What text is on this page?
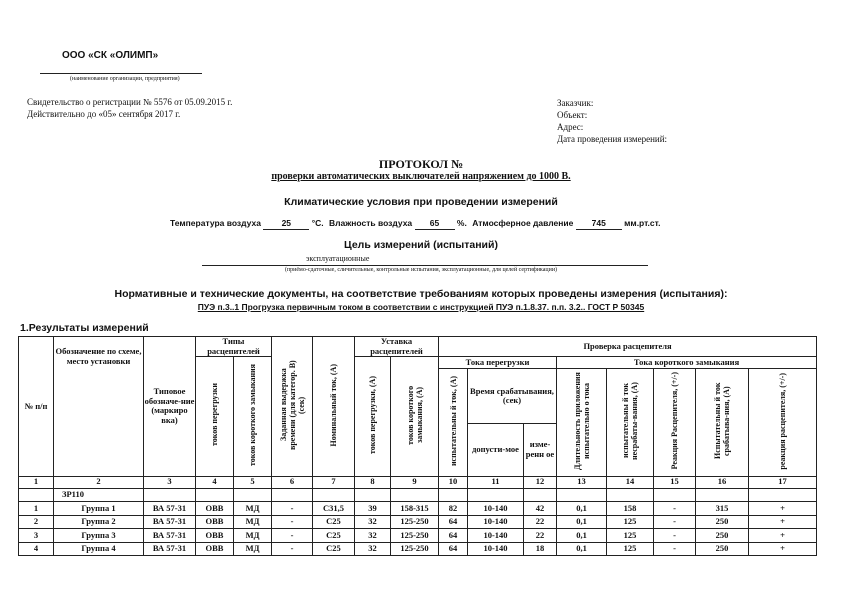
ООО «СК «ОЛИМП»
(наименование организации, предприятия)
Свидетельство о регистрации № 5576 от 05.09.2015 г.
Действительно до «05» сентября 2017 г.
Заказчик:
Объект:
Адрес:
Дата проведения измерений:
ПРОТОКОЛ №
проверки автоматических выключателей напряжением до 1000 В.
Климатические условия при проведении измерений
Температура воздуха 25 °С. Влажность воздуха 65 %. Атмосферное давление 745 мм.рт.ст.
Цель измерений (испытаний)
эксплуатационные
(приёмо-сдаточные, сличительные, контрольные испытания, эксплуатационные, для целей сертификации)
Нормативные и технические документы, на соответствие требованиям которых проведены измерения (испытания):
ПУЭ п.3..1 Прогрузка первичным током в соответствии с инструкцией ПУЭ п.1.8.37. п.п. 3.2.. ГОСТ Р 50345
1.Результаты измерений
№ п/п	Обозначение по схеме, место установки	Типовое обозначе-ние (маркиро вка)	Типы расцепителей		Заданная выдержка времени (для категор. В) (сек)	Номинальный ток, (А)	Уставка расцепителей		Проверка расцепителя							
			токов перегрузки	токов короткого замыкания			токов перегрузки, (А)	токов короткого замыкания, (А)	Тока перегрузки			Тока короткого замыкания				
									испытательны й ток, (А)	Время срабатывания, (сек)		Длительность приложения испытательно о тока	испытательны й ток несрабаты-вания, (А)	Реакция Расцепителя, (+/-)	Испытательны й ток срабатыва-ния, (А)	реакция расцепителя, (+/-)
										допусти-мое	изме-ренн ое					
1	2	3	4	5	6	7	8	9	10	11	12	13	14	15	16	17
	ЗР110															
1	Группа 1	ВА 57-31	ОВВ	МД	-	С31,5	39	158-315	82	10-140	42	0,1	158	-	315	+
2	Группа 2	ВА 57-31	ОВВ	МД	-	С25	32	125-250	64	10-140	22	0,1	125	-	250	+
3	Группа 3	ВА 57-31	ОВВ	МД	-	С25	32	125-250	64	10-140	22	0,1	125	-	250	+
4	Группа 4	ВА 57-31	ОВВ	МД	-	С25	32	125-250	64	10-140	18	0,1	125	-	250	+
